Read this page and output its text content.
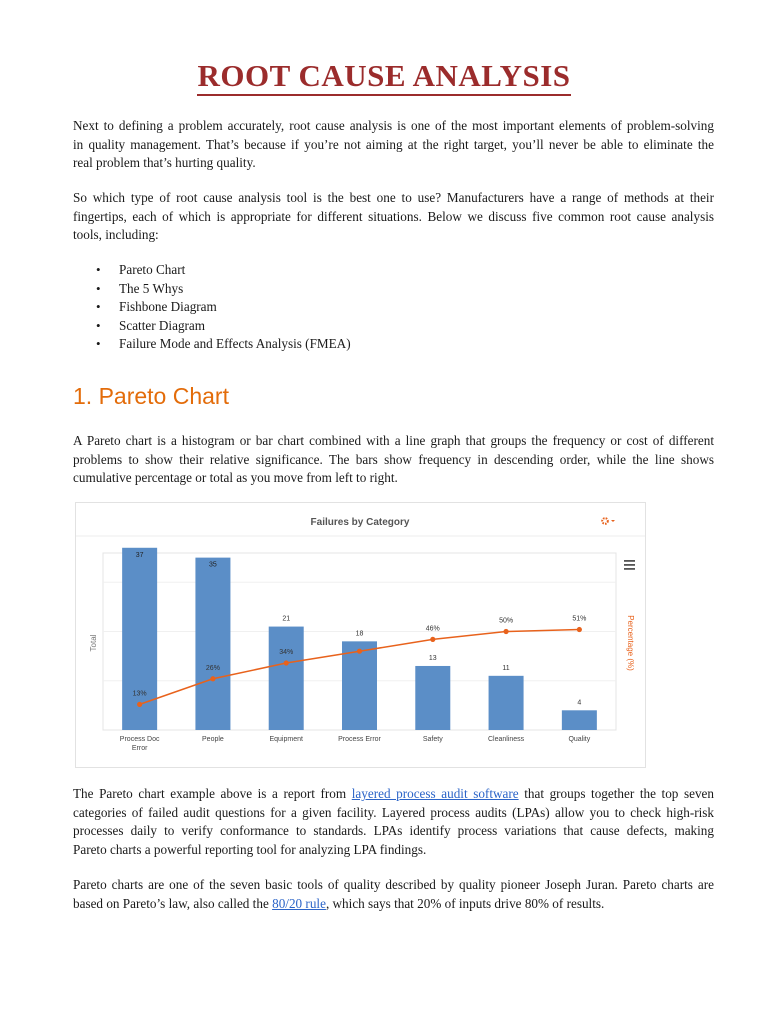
ROOT CAUSE ANALYSIS
Next to defining a problem accurately, root cause analysis is one of the most important elements of problem-solving
in quality management. That’s because if you’re not aiming at the right target, you’ll never be able to eliminate the
real problem that’s hurting quality.
So which type of root cause analysis tool is the best one to use? Manufacturers have a range of methods at their
fingertips, each of which is appropriate for different situations. Below we discuss five common root cause analysis
tools, including:
• Pareto Chart
• The 5 Whys
• Fishbone Diagram
• Scatter Diagram
• Failure Mode and Effects Analysis (FMEA)
1. Pareto Chart
A Pareto chart is a histogram or bar chart combined with a line graph that groups the frequency or cost of different
problems to show their relative significance. The bars show frequency in descending order, while the line shows
cumulative percentage or total as you move from left to right.
Failures by Category
Total	Percentage (%)
37
35
21
18
13
11
4
13%
26%
34%
46%
50%	51%
Process Doc
Error
People	Equipment	Process Error	Safety	Cleanliness	Quality
The Pareto chart example above is a report from layered process audit software that groups together the top seven
categories of failed audit questions for a given facility. Layered process audits (LPAs) allow you to check high-risk
processes daily to verify conformance to standards. LPAs identify process variations that cause defects, making
Pareto charts a powerful reporting tool for analyzing LPA findings.
Pareto charts are one of the seven basic tools of quality described by quality pioneer Joseph Juran. Pareto charts are
based on Pareto’s law, also called the 80/20 rule, which says that 20% of inputs drive 80% of results.
